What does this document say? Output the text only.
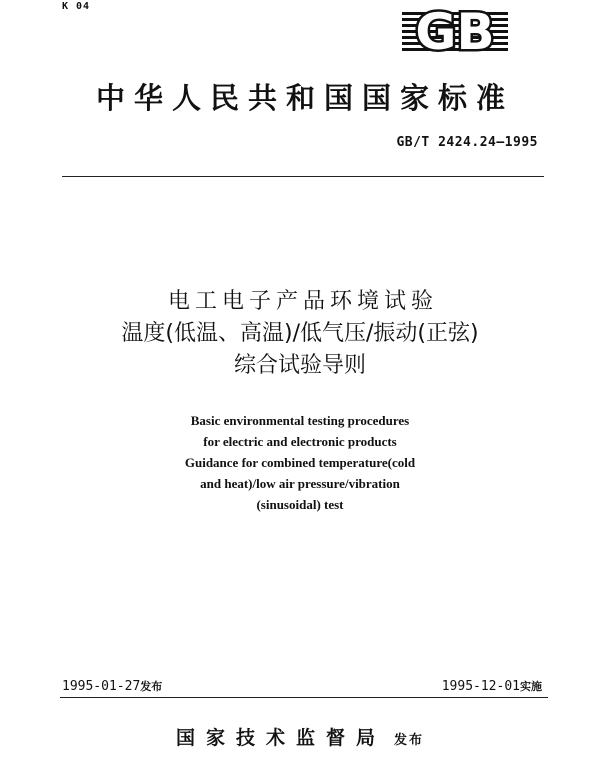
K 04	GB
中华人民共和国国家标准
GB/T 2424.24—1995
电工电子产品环境试验
温度(低温、高温)/低气压/振动(正弦)
综合试验导则
Basic environmental testing procedures
for electric and electronic products
Guidance for combined temperature(cold
and heat)/low air pressure/vibration
(sinusoidal) test
1995-01-27发布	1995-12-01实施
国家技术监督局 发布
